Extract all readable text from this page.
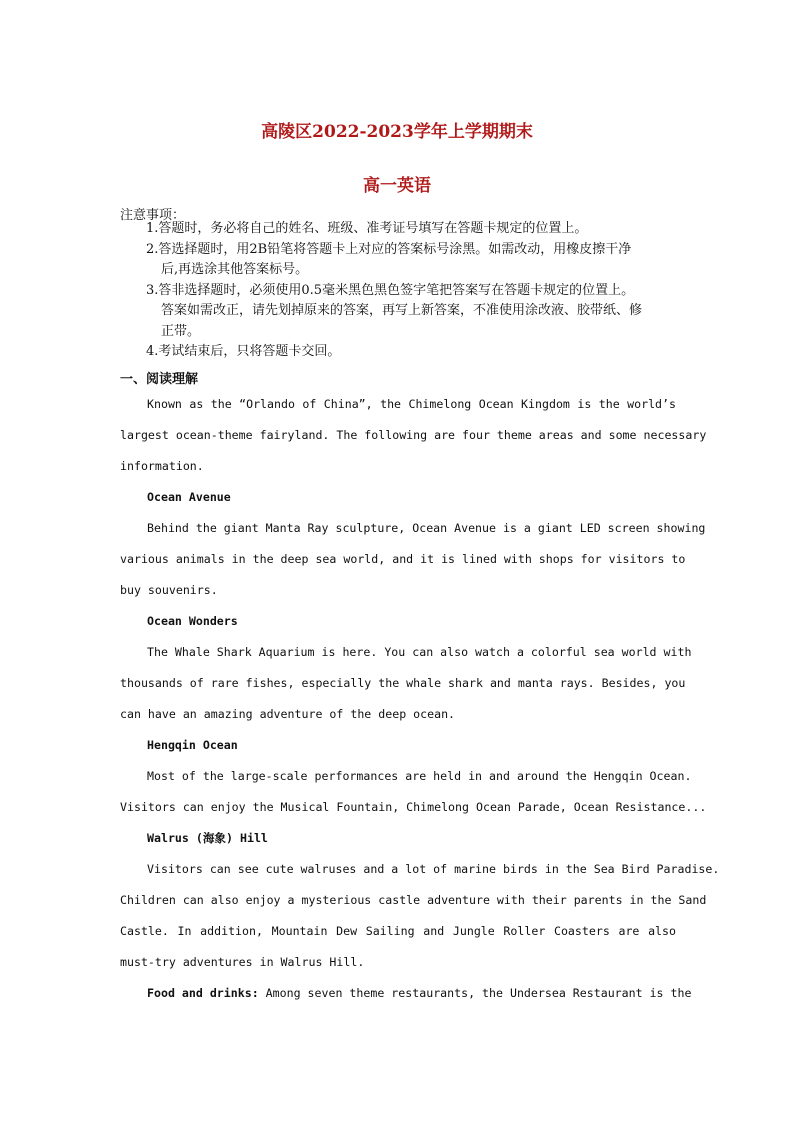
高陵区2022-2023学年上学期期末
高一英语
注意事项：
1.答题时，务必将自己的姓名、班级、准考证号填写在答题卡规定的位置上。
2.答选择题时，用2B铅笔将答题卡上对应的答案标号涂黑。如需改动，用橡皮擦干净
后,再选涂其他答案标号。
3.答非选择题时，必须使用0.5毫米黑色黑色签字笔把答案写在答题卡规定的位置上。
答案如需改正，请先划掉原来的答案，再写上新答案，不准使用涂改液、胶带纸、修
正带。
4.考试结束后，只将答题卡交回。
一、阅读理解
Known as the “Orlando of China”, the Chimelong Ocean Kingdom is the world’s
largest ocean-theme fairyland. The following are four theme areas and some necessary
information.
Ocean Avenue
Behind the giant Manta Ray sculpture, Ocean Avenue is a giant LED screen showing
various animals in the deep sea world, and it is lined with shops for visitors to
buy souvenirs.
Ocean Wonders
The Whale Shark Aquarium is here. You can also watch a colorful sea world with
thousands of rare fishes, especially the whale shark and manta rays. Besides, you
can have an amazing adventure of the deep ocean.
Hengqin Ocean
Most of the large-scale performances are held in and around the Hengqin Ocean.
Visitors can enjoy the Musical Fountain, Chimelong Ocean Parade, Ocean Resistance...
Walrus (海象) Hill
Visitors can see cute walruses and a lot of marine birds in the Sea Bird Paradise.
Children can also enjoy a mysterious castle adventure with their parents in the Sand
Castle. In addition, Mountain Dew Sailing and Jungle Roller Coasters are also
must-try adventures in Walrus Hill.
Food and drinks: Among seven theme restaurants, the Undersea Restaurant is the
